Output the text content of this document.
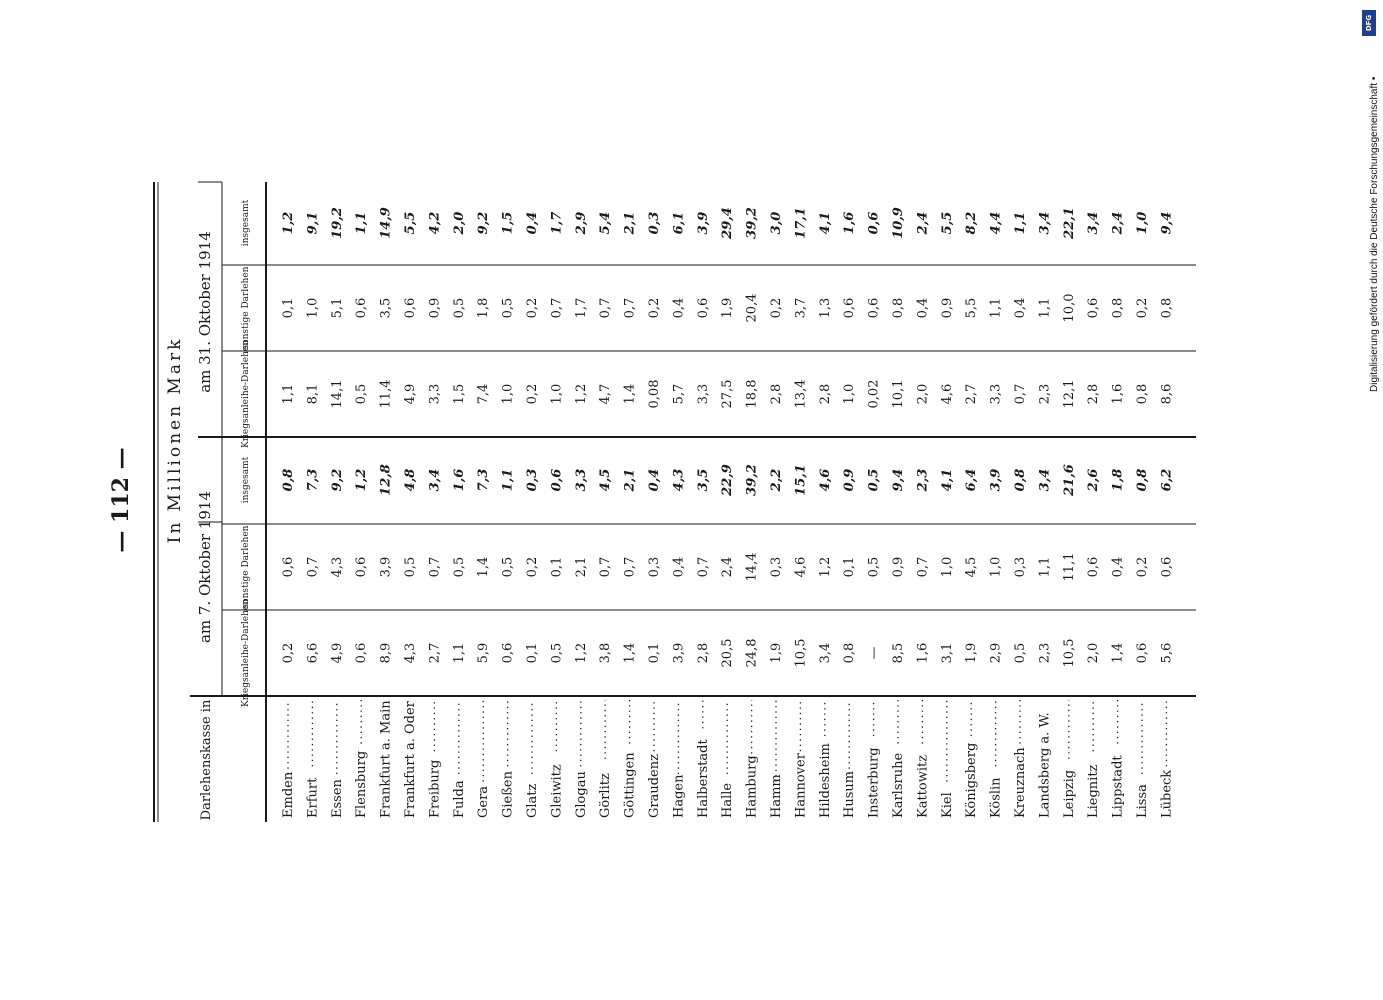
— 112 — In Millionen Mark
Darlehenskasse in
am 7. Oktober 1914
am 31. Oktober 1914
Kriegsanleihe-Darlehen
sonstige Darlehen
insgesamt
Kriegsanleihe-Darlehen
sonstige Darlehen
insgesamt
Emden
0,2
0,6
0,8
1,1
0,1
1,2
Erfurt
6,6
0,7
7,3
8,1
1,0
9,1
Essen
4,9
4,3
9,2
14,1
5,1
19,2
Flensburg
0,6
0,6
1,2
0,5
0,6
1,1
Frankfurt a. Main
8,9
3,9
12,8
11,4
3,5
14,9
Frankfurt a. Oder
4,3
0,5
4,8
4,9
0,6
5,5
Freiburg
2,7
0,7
3,4
3,3
0,9
4,2
Fulda
1,1
0,5
1,6
1,5
0,5
2,0
Gera
5,9
1,4
7,3
7,4
1,8
9,2
Gießen
0,6
0,5
1,1
1,0
0,5
1,5
Glatz
0,1
0,2
0,3
0,2
0,2
0,4
Gleiwitz
0,5
0,1
0,6
1,0
0,7
1,7
Glogau
1,2
2,1
3,3
1,2
1,7
2,9
Görlitz
3,8
0,7
4,5
4,7
0,7
5,4
Göttingen
1,4
0,7
2,1
1,4
0,7
2,1
Graudenz
0,1
0,3
0,4
0,08
0,2
0,3
Hagen
3,9
0,4
4,3
5,7
0,4
6,1
Halberstadt
2,8
0,7
3,5
3,3
0,6
3,9
Halle
20,5
2,4
22,9
27,5
1,9
29,4
Hamburg
24,8
14,4
39,2
18,8
20,4
39,2
Hamm
1,9
0,3
2,2
2,8
0,2
3,0
Hannover
10,5
4,6
15,1
13,4
3,7
17,1
Hildesheim
3,4
1,2
4,6
2,8
1,3
4,1
Husum
0,8
0,1
0,9
1,0
0,6
1,6
Insterburg
—
0,5
0,5
0,02
0,6
0,6
Karlsruhe
8,5
0,9
9,4
10,1
0,8
10,9
Kattowitz
1,6
0,7
2,3
2,0
0,4
2,4
Kiel
3,1
1,0
4,1
4,6
0,9
5,5
Königsberg
1,9
4,5
6,4
2,7
5,5
8,2
Köslin
2,9
1,0
3,9
3,3
1,1
4,4
Kreuznach
0,5
0,3
0,8
0,7
0,4
1,1
Landsberg a. W.
2,3
1,1
3,4
2,3
1,1
3,4
Leipzig
10,5
11,1
21,6
12,1
10,0
22,1
Liegnitz
2,0
0,6
2,6
2,8
0,6
3,4
Lippstadt
1,4
0,4
1,8
1,6
0,8
2,4
Lissa
0,6
0,2
0,8
0,8
0,2
1,0
Lübeck
5,6
0,6
6,2
8,6
0,8
9,4
DFG
Digitalisierung gefördert durch die Deutsche Forschungsgemeinschaft •
